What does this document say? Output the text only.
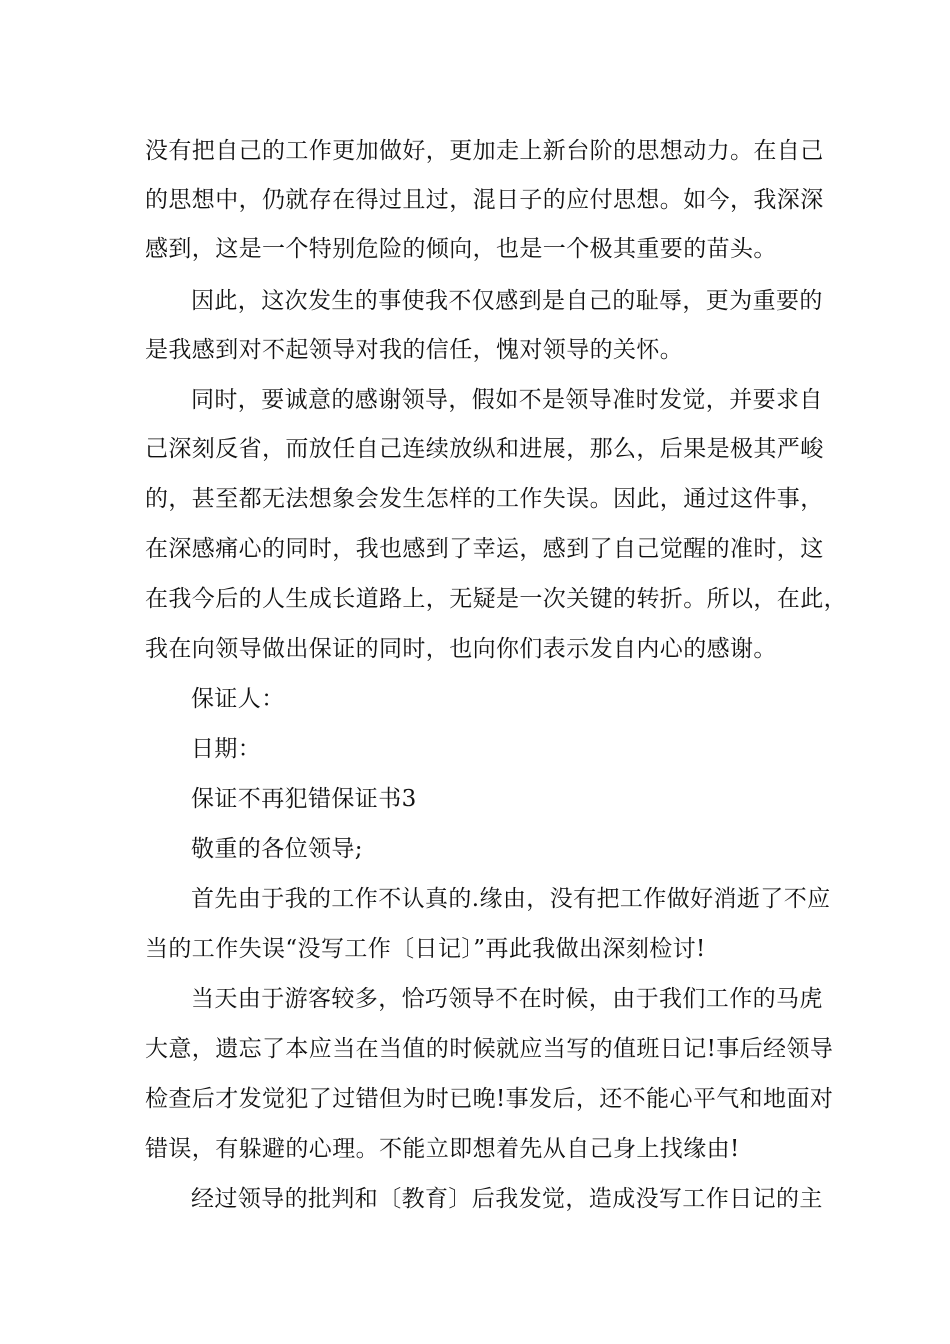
没有把自己的工作更加做好，更加走上新台阶的思想动力。在自己
的思想中，仍就存在得过且过，混日子的应付思想。如今，我深深
感到，这是一个特别危险的倾向，也是一个极其重要的苗头。
因此，这次发生的事使我不仅感到是自己的耻辱，更为重要的
是我感到对不起领导对我的信任，愧对领导的关怀。
同时，要诚意的感谢领导，假如不是领导准时发觉，并要求自
己深刻反省，而放任自己连续放纵和进展，那么，后果是极其严峻
的，甚至都无法想象会发生怎样的工作失误。因此，通过这件事，
在深感痛心的同时，我也感到了幸运，感到了自己觉醒的准时，这
在我今后的人生成长道路上，无疑是一次关键的转折。所以，在此，
我在向领导做出保证的同时，也向你们表示发自内心的感谢。
保证人：
日期：
保证不再犯错保证书3
敬重的各位领导;
首先由于我的工作不认真的.缘由，没有把工作做好消逝了不应
当的工作失误“没写工作〔日记〕”再此我做出深刻检讨!
当天由于游客较多，恰巧领导不在时候，由于我们工作的马虎
大意，遗忘了本应当在当值的时候就应当写的值班日记!事后经领导
检查后才发觉犯了过错但为时已晚!事发后，还不能心平气和地面对
错误，有躲避的心理。不能立即想着先从自己身上找缘由!
经过领导的批判和〔教育〕后我发觉，造成没写工作日记的主
